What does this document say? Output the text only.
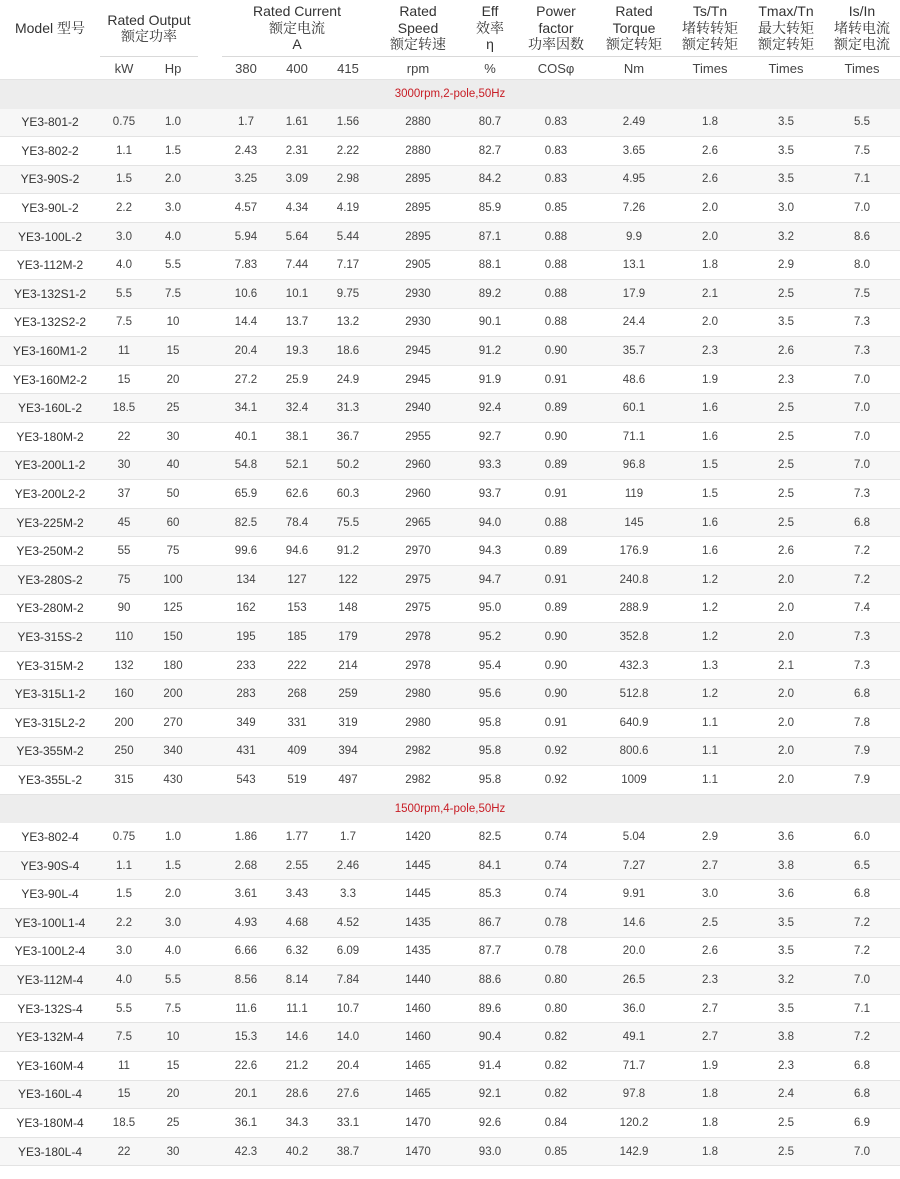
Model 型号	Rated Output
额定功率			Rated Current
额定电流
A			Rated
Speed
额定转速	Eff
效率
η	Power
factor
功率因数	Rated
Torque
额定转矩	Ts/Tn
堵转转矩
额定转矩	Tmax/Tn
最大转矩
额定转矩	Is/In
堵转电流
额定电流
	kW	Hp		380	400	415	rpm	%	COSφ	Nm	Times	Times	Times
3000rpm,2-pole,50Hz													
YE3-801-2	0.75	1.0		1.7	1.61	1.56	2880	80.7	0.83	2.49	1.8	3.5	5.5
YE3-802-2	1.1	1.5		2.43	2.31	2.22	2880	82.7	0.83	3.65	2.6	3.5	7.5
YE3-90S-2	1.5	2.0		3.25	3.09	2.98	2895	84.2	0.83	4.95	2.6	3.5	7.1
YE3-90L-2	2.2	3.0		4.57	4.34	4.19	2895	85.9	0.85	7.26	2.0	3.0	7.0
YE3-100L-2	3.0	4.0		5.94	5.64	5.44	2895	87.1	0.88	9.9	2.0	3.2	8.6
YE3-112M-2	4.0	5.5		7.83	7.44	7.17	2905	88.1	0.88	13.1	1.8	2.9	8.0
YE3-132S1-2	5.5	7.5		10.6	10.1	9.75	2930	89.2	0.88	17.9	2.1	2.5	7.5
YE3-132S2-2	7.5	10		14.4	13.7	13.2	2930	90.1	0.88	24.4	2.0	3.5	7.3
YE3-160M1-2	11	15		20.4	19.3	18.6	2945	91.2	0.90	35.7	2.3	2.6	7.3
YE3-160M2-2	15	20		27.2	25.9	24.9	2945	91.9	0.91	48.6	1.9	2.3	7.0
YE3-160L-2	18.5	25		34.1	32.4	31.3	2940	92.4	0.89	60.1	1.6	2.5	7.0
YE3-180M-2	22	30		40.1	38.1	36.7	2955	92.7	0.90	71.1	1.6	2.5	7.0
YE3-200L1-2	30	40		54.8	52.1	50.2	2960	93.3	0.89	96.8	1.5	2.5	7.0
YE3-200L2-2	37	50		65.9	62.6	60.3	2960	93.7	0.91	119	1.5	2.5	7.3
YE3-225M-2	45	60		82.5	78.4	75.5	2965	94.0	0.88	145	1.6	2.5	6.8
YE3-250M-2	55	75		99.6	94.6	91.2	2970	94.3	0.89	176.9	1.6	2.6	7.2
YE3-280S-2	75	100		134	127	122	2975	94.7	0.91	240.8	1.2	2.0	7.2
YE3-280M-2	90	125		162	153	148	2975	95.0	0.89	288.9	1.2	2.0	7.4
YE3-315S-2	110	150		195	185	179	2978	95.2	0.90	352.8	1.2	2.0	7.3
YE3-315M-2	132	180		233	222	214	2978	95.4	0.90	432.3	1.3	2.1	7.3
YE3-315L1-2	160	200		283	268	259	2980	95.6	0.90	512.8	1.2	2.0	6.8
YE3-315L2-2	200	270		349	331	319	2980	95.8	0.91	640.9	1.1	2.0	7.8
YE3-355M-2	250	340		431	409	394	2982	95.8	0.92	800.6	1.1	2.0	7.9
YE3-355L-2	315	430		543	519	497	2982	95.8	0.92	1009	1.1	2.0	7.9
1500rpm,4-pole,50Hz													
YE3-802-4	0.75	1.0		1.86	1.77	1.7	1420	82.5	0.74	5.04	2.9	3.6	6.0
YE3-90S-4	1.1	1.5		2.68	2.55	2.46	1445	84.1	0.74	7.27	2.7	3.8	6.5
YE3-90L-4	1.5	2.0		3.61	3.43	3.3	1445	85.3	0.74	9.91	3.0	3.6	6.8
YE3-100L1-4	2.2	3.0		4.93	4.68	4.52	1435	86.7	0.78	14.6	2.5	3.5	7.2
YE3-100L2-4	3.0	4.0		6.66	6.32	6.09	1435	87.7	0.78	20.0	2.6	3.5	7.2
YE3-112M-4	4.0	5.5		8.56	8.14	7.84	1440	88.6	0.80	26.5	2.3	3.2	7.0
YE3-132S-4	5.5	7.5		11.6	11.1	10.7	1460	89.6	0.80	36.0	2.7	3.5	7.1
YE3-132M-4	7.5	10		15.3	14.6	14.0	1460	90.4	0.82	49.1	2.7	3.8	7.2
YE3-160M-4	11	15		22.6	21.2	20.4	1465	91.4	0.82	71.7	1.9	2.3	6.8
YE3-160L-4	15	20		20.1	28.6	27.6	1465	92.1	0.82	97.8	1.8	2.4	6.8
YE3-180M-4	18.5	25		36.1	34.3	33.1	1470	92.6	0.84	120.2	1.8	2.5	6.9
YE3-180L-4	22	30		42.3	40.2	38.7	1470	93.0	0.85	142.9	1.8	2.5	7.0
